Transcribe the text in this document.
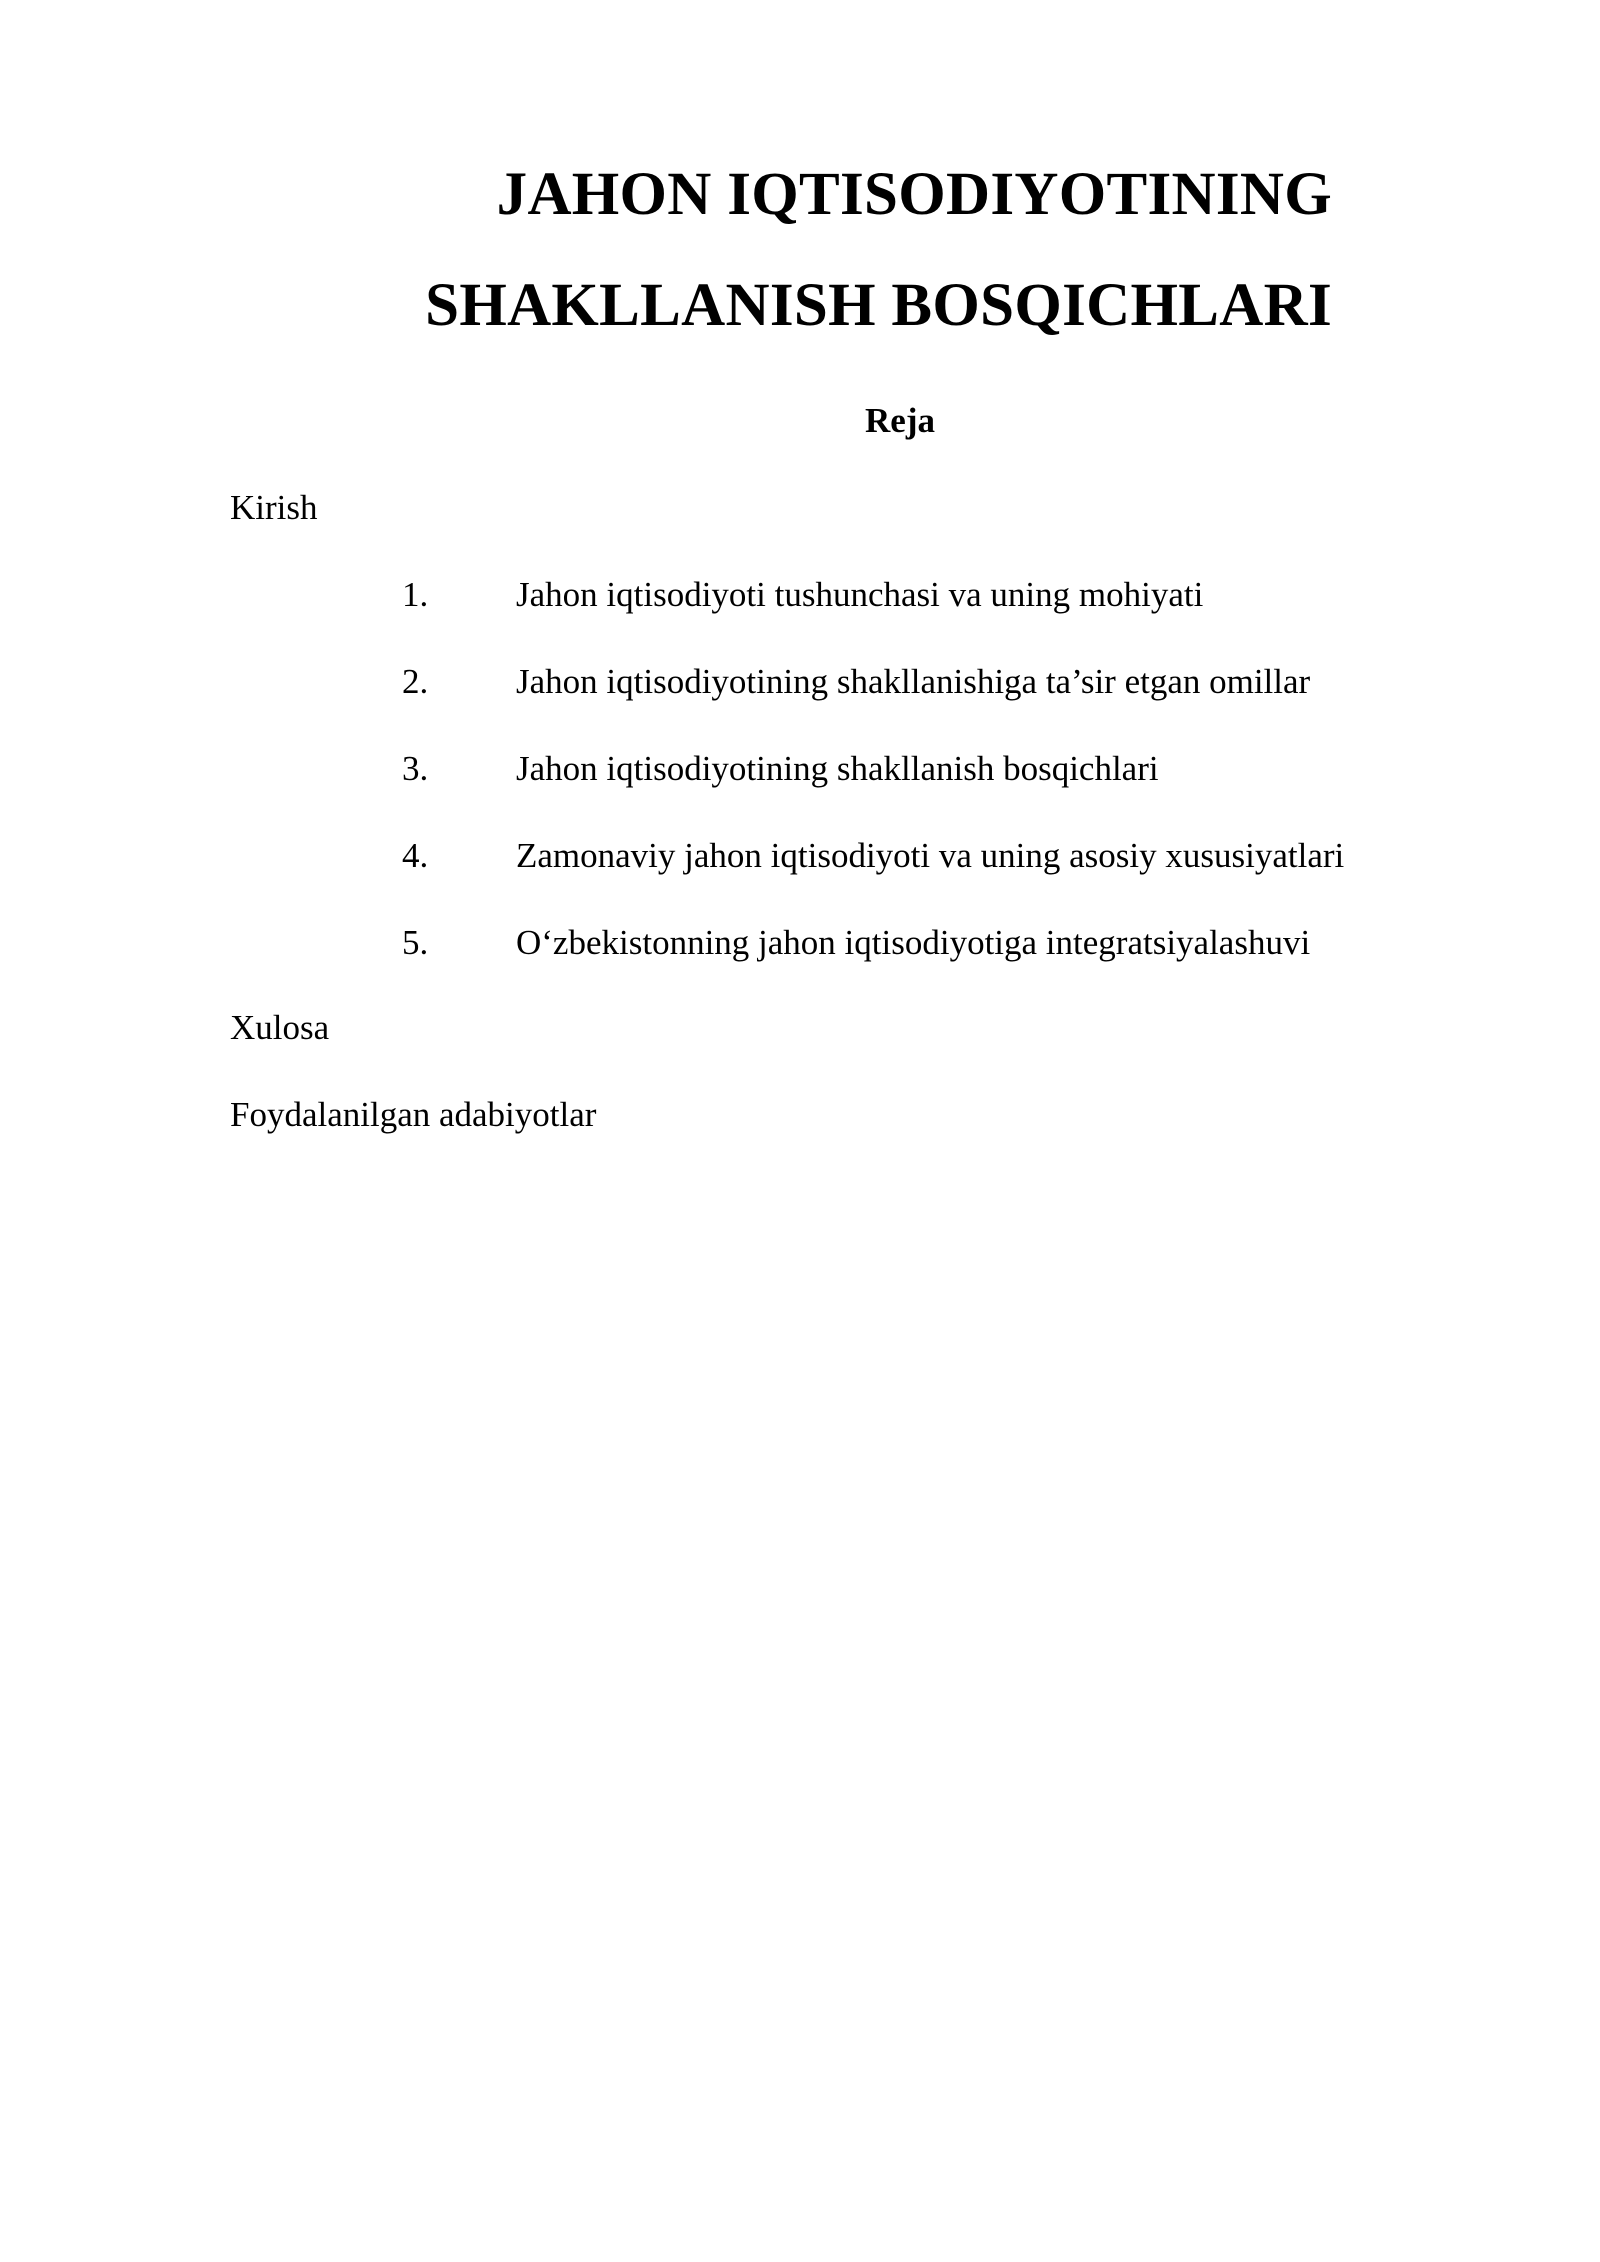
JAHON IQTISODIYOTINING
SHAKLLANISH BOSQICHLARI
Reja

Kirish

1.	Jahon iqtisodiyoti tushunchasi va uning mohiyati
2.	Jahon iqtisodiyotining shakllanishiga ta’sir etgan omillar
3.	Jahon iqtisodiyotining shakllanish bosqichlari
4.	Zamonaviy jahon iqtisodiyoti va uning asosiy xususiyatlari
5.	O‘zbekistonning jahon iqtisodiyotiga integratsiyalashuvi

Xulosa

Foydalanilgan adabiyotlar
